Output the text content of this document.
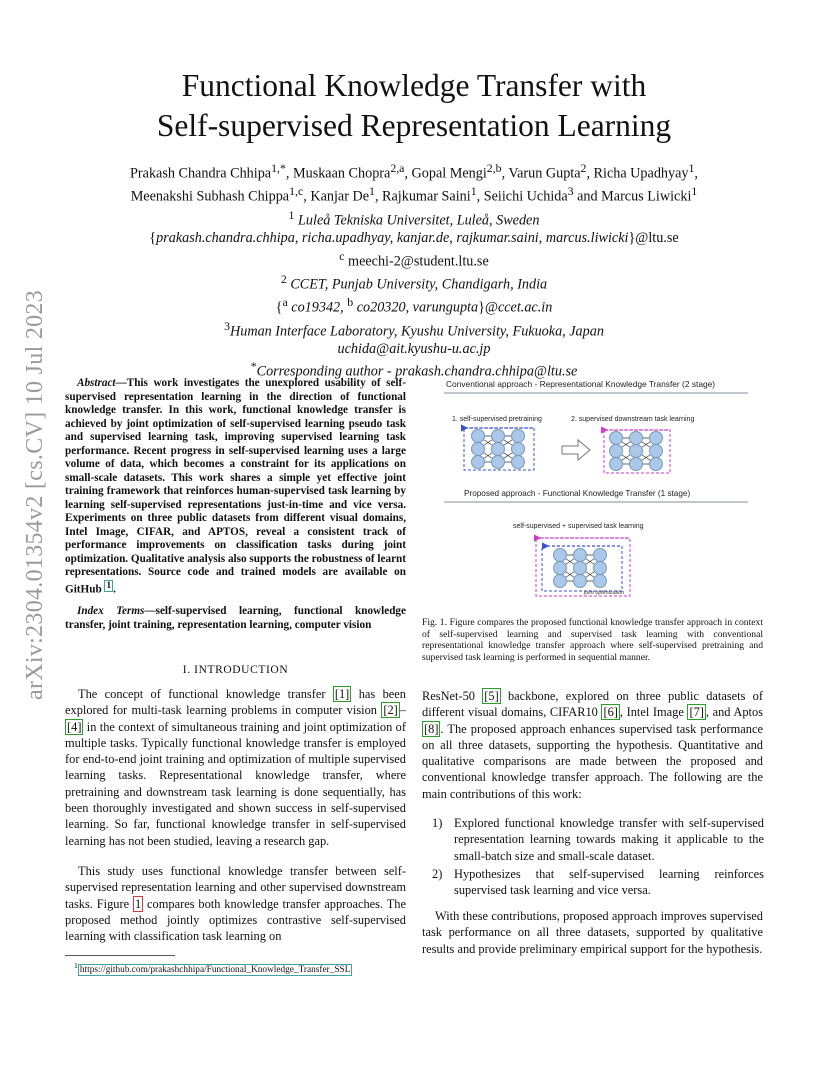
arXiv:2304.01354v2 [cs.CV] 10 Jul 2023
Functional Knowledge Transfer with
Self-supervised Representation Learning
Prakash Chandra Chhipa$^{1,*}$, Muskaan Chopra$^{2,a}$, Gopal Mengi$^{2,b}$, Varun Gupta$^2$, Richa Upadhyay$^1$,
Meenakshi Subhash Chippa$^{1,c}$, Kanjar De$^1$, Rajkumar Saini$^1$, Seiichi Uchida$^3$ and Marcus Liwicki$^1$
$^1$ Luleå Tekniska Universitet, Luleå, Sweden
{prakash.chandra.chhipa, richa.upadhyay, kanjar.de, rajkumar.saini, marcus.liwicki}@ltu.se
$^c$ meechi-2@student.ltu.se
$^2$ CCET, Punjab University, Chandigarh, India
{$^a$ co19342, $^b$ co20320, varungupta}@ccet.ac.in
$^3$Human Interface Laboratory, Kyushu University, Fukuoka, Japan
uchida@ait.kyushu-u.ac.jp
*Corresponding author - prakash.chandra.chhipa@ltu.se

Abstract—This work investigates the unexplored usability of self-supervised representation learning in the direction of functional knowledge transfer. In this work, functional knowledge transfer is achieved by joint optimization of self-supervised learning pseudo task and supervised learning task, improving supervised learning task performance. Recent progress in self-supervised learning uses a large volume of data, which becomes a constraint for its applications on small-scale datasets. This work shares a simple yet effective joint training framework that reinforces human-supervised task learning by learning self-supervised representations just-in-time and vice versa. Experiments on three public datasets from different visual domains, Intel Image, CIFAR, and APTOS, reveal a consistent track of performance improvements on classification tasks during joint optimization. Qualitative analysis also supports the robustness of learnt representations. Source code and trained models are available on GitHub $^1$ .

Index Terms—self-supervised learning, functional knowledge transfer, joint training, representation learning, computer vision

I. INTRODUCTION

The concept of functional knowledge transfer [1] has been explored for multi-task learning problems in computer vision [2] –[4] in the context of simultaneous training and joint optimization of multiple tasks. Typically functional knowledge transfer is employed for end-to-end joint training and optimization of multiple supervised learning tasks. Representational knowledge transfer, where pretraining and downstream task learning is done sequentially, has been thoroughly investigated and shown success in self-supervised learning. So far, functional knowledge transfer in self-supervised learning has not been studied, leaving a research gap.

This study uses functional knowledge transfer between self-supervised representation learning and other supervised downstream tasks. Figure 1 compares both knowledge transfer approaches. The proposed method jointly optimizes contrastive self-supervised learning with classification task learning on

$^1$ https://github.com/prakashchhipa/Functional_Knowledge_Transfer_SSL
Conventional approach - Representational Knowledge Transfer (2 stage)
1. self-supervised pretraining	2. supervised downstream task learning
Proposed approach - Functional Knowledge Transfer (1 stage)
self-supervised + supervised task learning
joint optimization

Fig. 1. Figure compares the proposed functional knowledge transfer approach in context of self-supervised learning and supervised task learning with conventional representational knowledge transfer approach where self-supervised pretraining and supervised task learning is performed in sequential manner.

ResNet-50 [5] backbone, explored on three public datasets of different visual domains, CIFAR10 [6] , Intel Image [7] , and Aptos [8] . The proposed approach enhances supervised task performance on all three datasets, supporting the hypothesis. Quantitative and qualitative comparisons are made between the proposed and conventional knowledge transfer approach. The following are the main contributions of this work:

1) Explored functional knowledge transfer with self-supervised representation learning towards making it applicable to the small-batch size and small-scale dataset.
2) Hypothesizes that self-supervised learning reinforces supervised task learning and vice versa.

With these contributions, proposed approach improves supervised task performance on all three datasets, supported by qualitative results and provide preliminary empirical support for the hypothesis.
